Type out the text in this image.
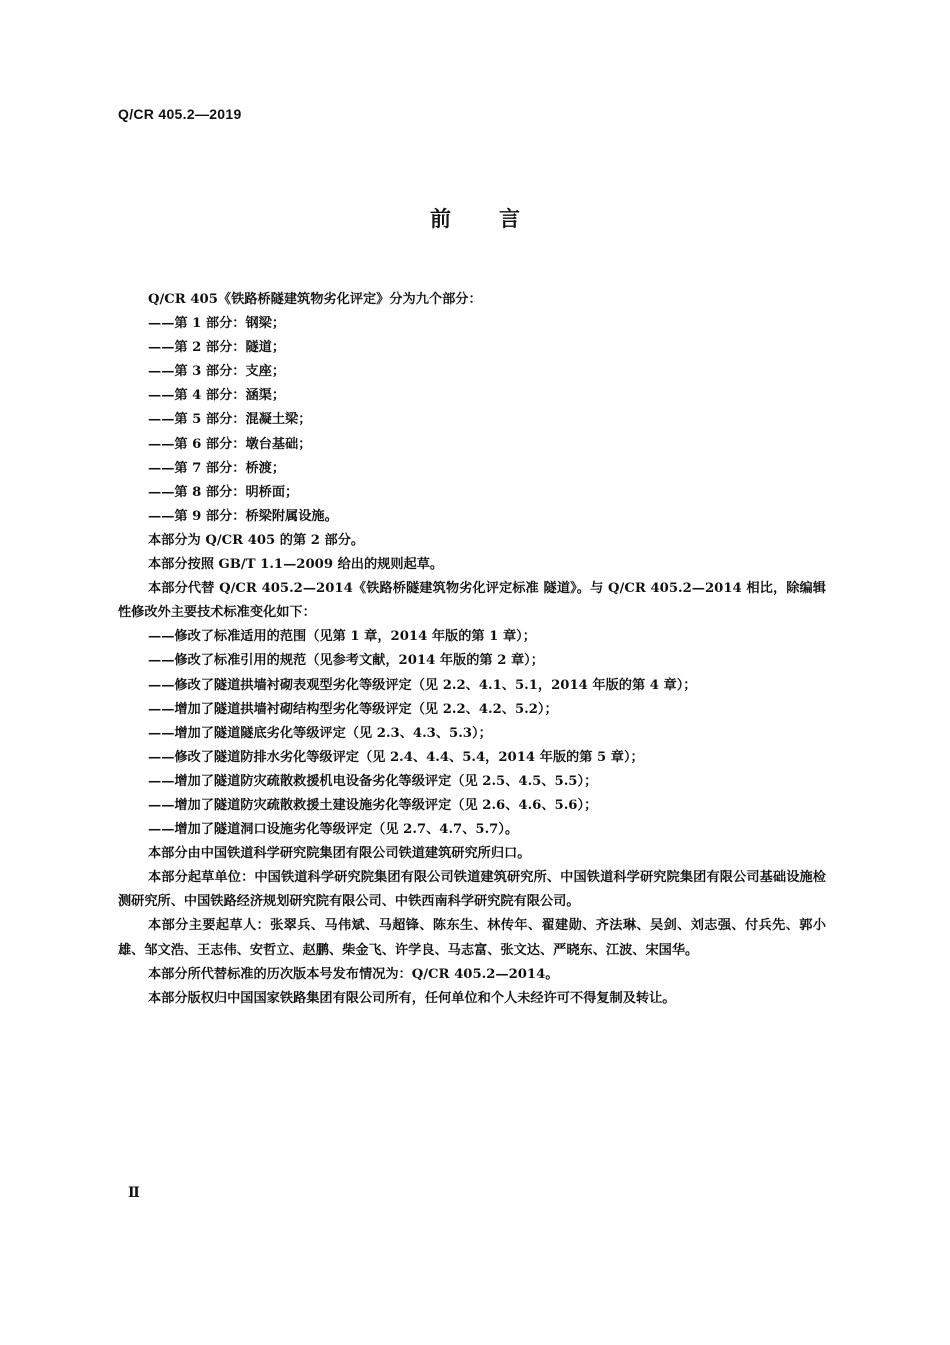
Q/CR 405.2—2019
前言

Q/CR 405《铁路桥隧建筑物劣化评定》分为九个部分：

——第 1 部分：钢梁；

——第 2 部分：隧道；

——第 3 部分：支座；

——第 4 部分：涵渠；

——第 5 部分：混凝土梁；

——第 6 部分：墩台基础；

——第 7 部分：桥渡；

——第 8 部分：明桥面；

——第 9 部分：桥梁附属设施。

本部分为 Q/CR 405 的第 2 部分。

本部分按照 GB/T 1.1—2009 给出的规则起草。

本部分代替 Q/CR 405.2—2014《铁路桥隧建筑物劣化评定标准 隧道》。与 Q/CR 405.2—2014 相比，除编辑性修改外主要技术标准变化如下：

——修改了标准适用的范围（见第 1 章，2014 年版的第 1 章）；

——修改了标准引用的规范（见参考文献，2014 年版的第 2 章）；

——修改了隧道拱墙衬砌表观型劣化等级评定（见 2.2、4.1、5.1，2014 年版的第 4 章）；

——增加了隧道拱墙衬砌结构型劣化等级评定（见 2.2、4.2、5.2）；

——增加了隧道隧底劣化等级评定（见 2.3、4.3、5.3）；

——修改了隧道防排水劣化等级评定（见 2.4、4.4、5.4，2014 年版的第 5 章）；

——增加了隧道防灾疏散救援机电设备劣化等级评定（见 2.5、4.5、5.5）；

——增加了隧道防灾疏散救援土建设施劣化等级评定（见 2.6、4.6、5.6）；

——增加了隧道洞口设施劣化等级评定（见 2.7、4.7、5.7）。

本部分由中国铁道科学研究院集团有限公司铁道建筑研究所归口。

本部分起草单位：中国铁道科学研究院集团有限公司铁道建筑研究所、中国铁道科学研究院集团有限公司基础设施检测研究所、中国铁路经济规划研究院有限公司、中铁西南科学研究院有限公司。

本部分主要起草人：张翠兵、马伟斌、马超锋、陈东生、林传年、翟建勋、齐法琳、吴剑、刘志强、付兵先、郭小雄、邹文浩、王志伟、安哲立、赵鹏、柴金飞、许学良、马志富、张文达、严晓东、江波、宋国华。

本部分所代替标准的历次版本号发布情况为：Q/CR 405.2—2014。

本部分版权归中国国家铁路集团有限公司所有，任何单位和个人未经许可不得复制及转让。

Ⅱ
